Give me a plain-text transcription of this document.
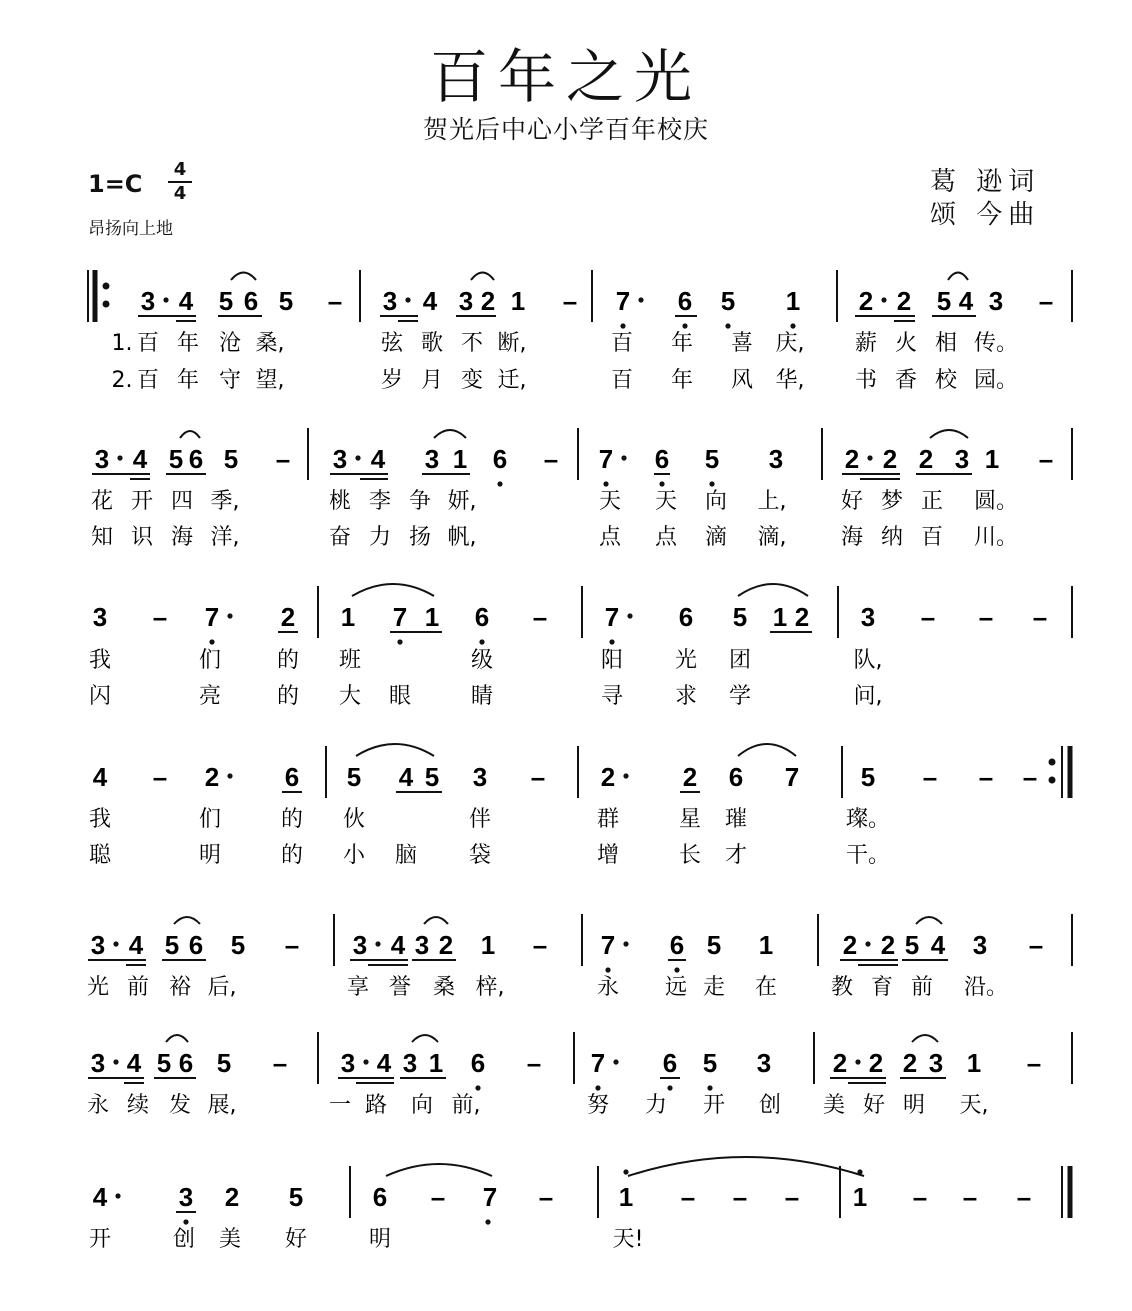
百年之光
贺光后中心小学百年校庆
1=C
4
4
昂扬向上地
葛 逊词
颂 今曲
3 4 5 6 5 – 3 4 3 2 1 – 7 6 5 1 2 2 5 4 3 –
1. 百 年 沧 桑,	弦 歌 不 断,	百 年 喜 庆, 薪 火 相 传。
2. 百 年 守 望,	岁 月 变 迁,	百 年 风 华, 书 香 校 园。
3 4 5 6 5 – 3 4 3 1 6 – 7 6 5 3 2 2 2 3 1 –
花 开 四 季,	桃 李 争 妍,	天 天 向 上, 好 梦 正 圆。
知 识 海 洋,	奋 力 扬 帆,	点 点 滴 滴, 海 纳 百 川。
3 – 7 2 1 7 1 6 – 7 6 5 1 2 3 – – –
我	们	的 班	级	阳 光 团	队,
闪	亮	的 大 眼	睛	寻 求 学	问,
4 – 2	6 5 4 5 3 – 2	2 6 7 5 – – –
我	们	的 伙	伴	群	星 璀	璨。
聪	明	的 小 脑 袋	增	长 才	干。
3 4 5 6 5 – 3 4 3 2 1 – 7 6 5 1	2 2 5 4 3 –
光 前 裕 后,	享 誉 桑 梓,	永 远 走 在 教 育 前 沿。
3 4 5 6 5 – 3 4 3 1 6 – 7 6 5 3 2 2 2 3 1 –
永 续 发 展,	一 路 向 前,	努 力 开 创 美 好 明 天,
4	3 2 5	6 – 7 –	1 – – – 1 – – –
开	创 美 好	明	天!
